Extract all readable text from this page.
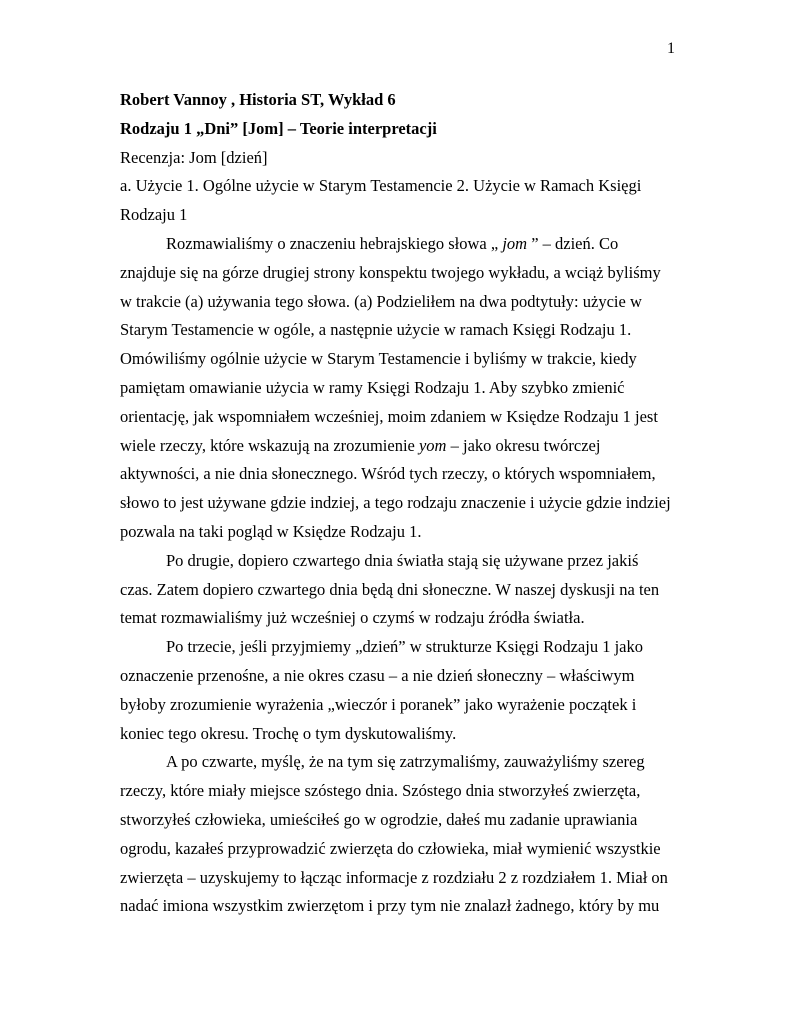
1

Robert Vannoy , Historia ST, Wykład 6

Rodzaju 1 „Dni” [Jom] – Teorie interpretacji

Recenzja: Jom [dzień]

a. Użycie 1. Ogólne użycie w Starym Testamencie 2. Użycie w Ramach Księgi Rodzaju 1

Rozmawialiśmy o znaczeniu hebrajskiego słowa „ jom ” – dzień. Co znajduje się na górze drugiej strony konspektu twojego wykładu, a wciąż byliśmy w trakcie (a) używania tego słowa. (a) Podzieliłem na dwa podtytuły: użycie w Starym Testamencie w ogóle, a następnie użycie w ramach Księgi Rodzaju 1. Omówiliśmy ogólnie użycie w Starym Testamencie i byliśmy w trakcie, kiedy pamiętam omawianie użycia w ramy Księgi Rodzaju 1. Aby szybko zmienić orientację, jak wspomniałem wcześniej, moim zdaniem w Księdze Rodzaju 1 jest wiele rzeczy, które wskazują na zrozumienie yom – jako okresu twórczej aktywności, a nie dnia słonecznego. Wśród tych rzeczy, o których wspomniałem, słowo to jest używane gdzie indziej, a tego rodzaju znaczenie i użycie gdzie indziej pozwala na taki pogląd w Księdze Rodzaju 1.

Po drugie, dopiero czwartego dnia światła stają się używane przez jakiś czas. Zatem dopiero czwartego dnia będą dni słoneczne. W naszej dyskusji na ten temat rozmawialiśmy już wcześniej o czymś w rodzaju źródła światła.

Po trzecie, jeśli przyjmiemy „dzień” w strukturze Księgi Rodzaju 1 jako oznaczenie przenośne, a nie okres czasu – a nie dzień słoneczny – właściwym byłoby zrozumienie wyrażenia „wieczór i poranek” jako wyrażenie początek i koniec tego okresu. Trochę o tym dyskutowaliśmy.

A po czwarte, myślę, że na tym się zatrzymaliśmy, zauważyliśmy szereg rzeczy, które miały miejsce szóstego dnia. Szóstego dnia stworzyłeś zwierzęta, stworzyłeś człowieka, umieściłeś go w ogrodzie, dałeś mu zadanie uprawiania ogrodu, kazałeś przyprowadzić zwierzęta do człowieka, miał wymienić wszystkie zwierzęta – uzyskujemy to łącząc informacje z rozdziału 2 z rozdziałem 1. Miał on nadać imiona wszystkim zwierzętom i przy tym nie znalazł żadnego, który by mu
